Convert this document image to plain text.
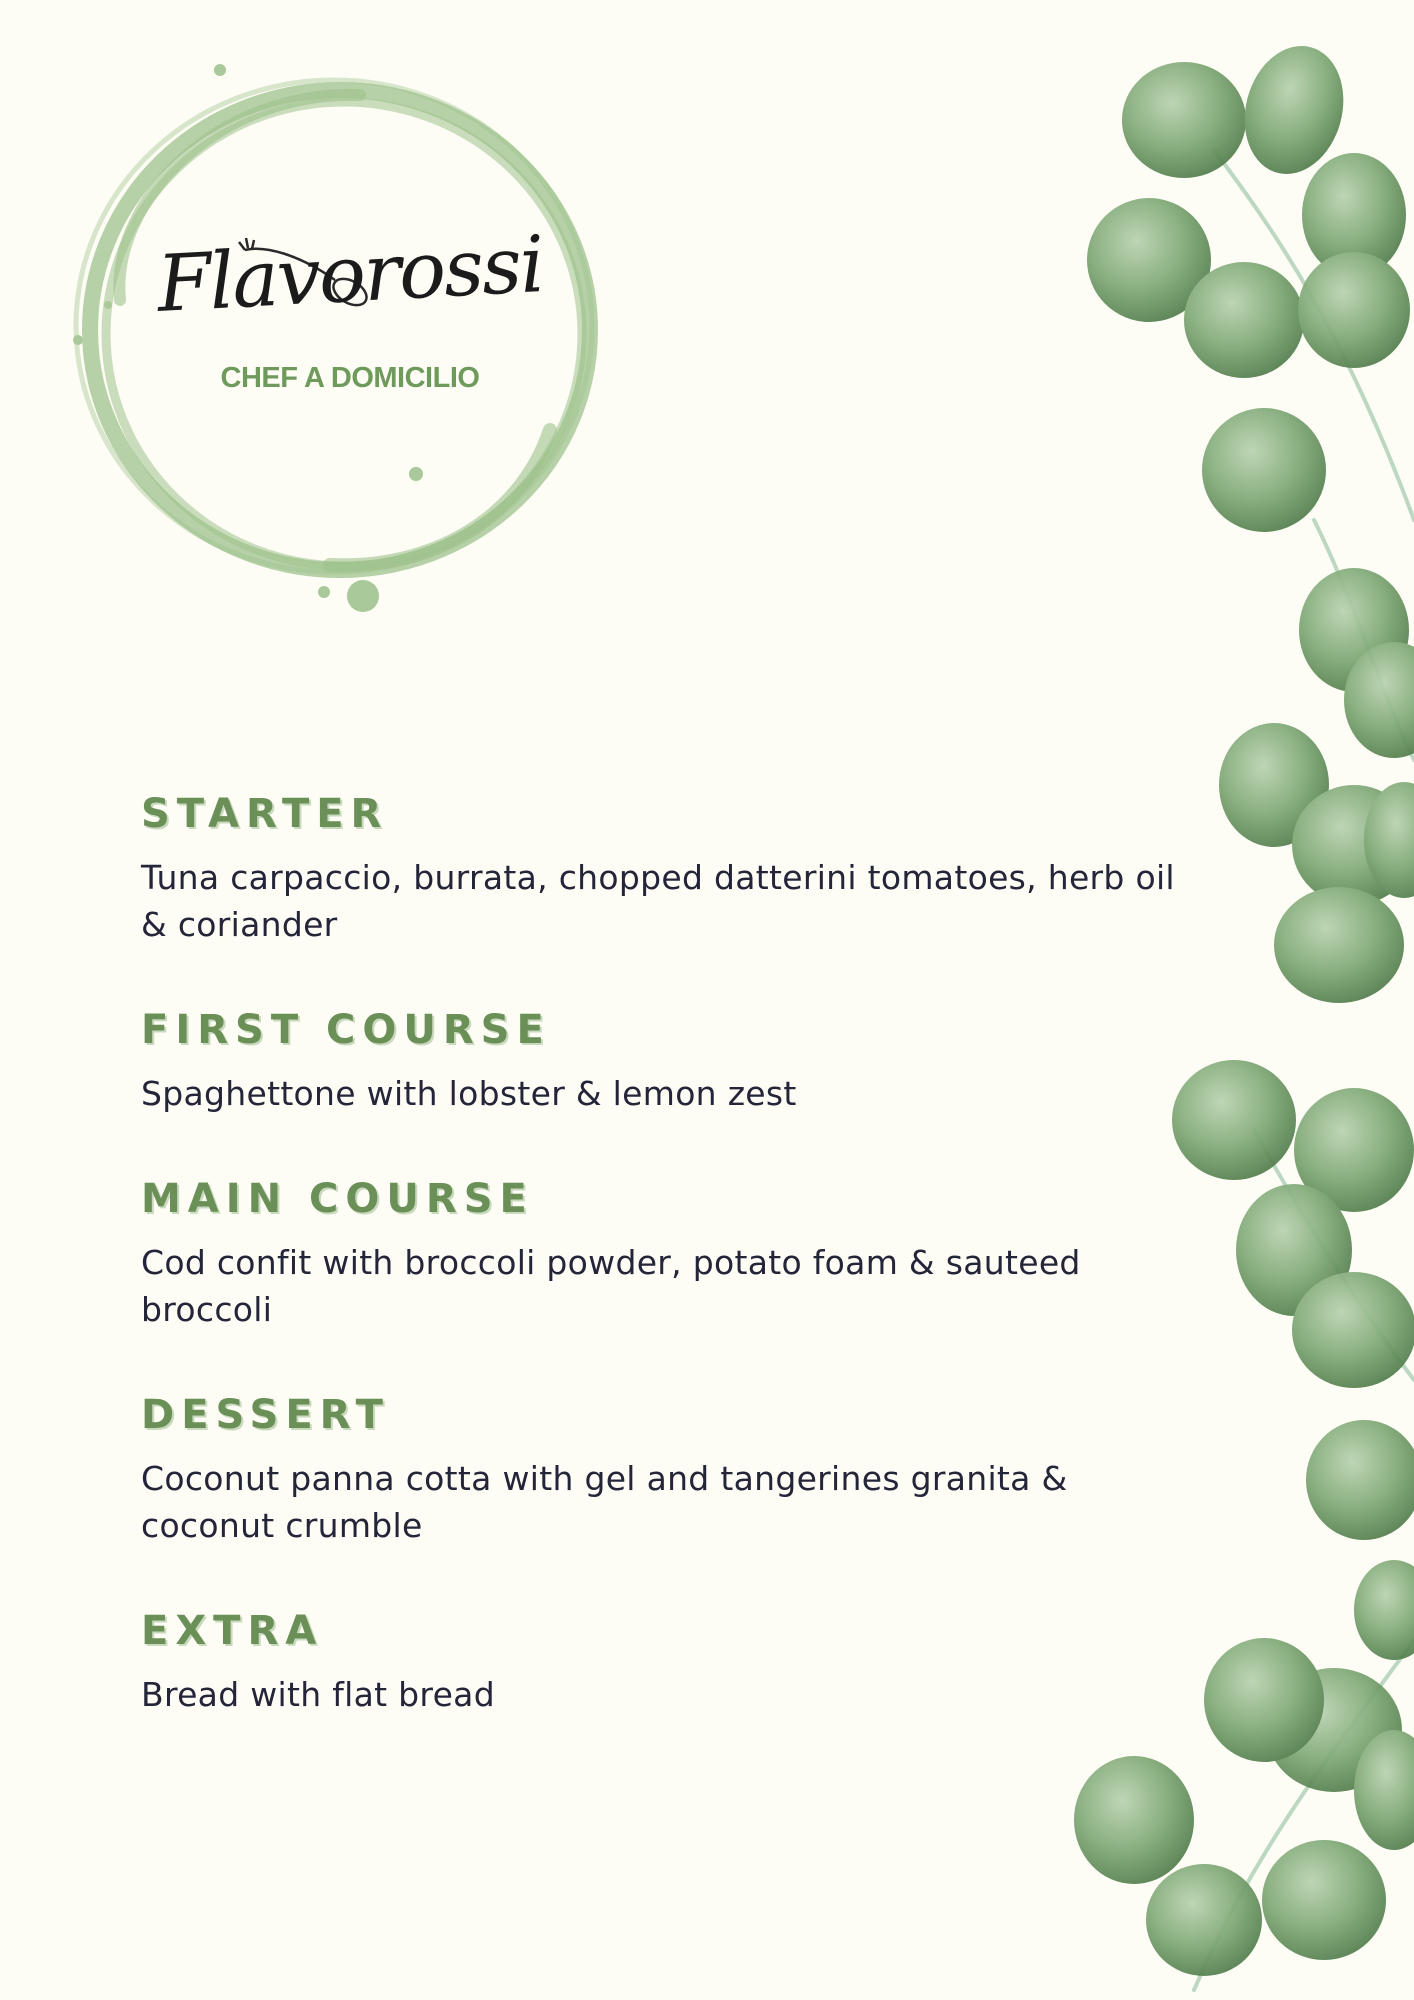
Flavorossi
CHEF A DOMICILIO
STARTER

Tuna carpaccio, burrata, chopped datterini tomatoes, herb oil & coriander

FIRST COURSE

Spaghettone with lobster & lemon zest

MAIN COURSE

Cod confit with broccoli powder, potato foam & sauteed broccoli

DESSERT

Coconut panna cotta with gel and tangerines granita & coconut crumble

EXTRA

Bread with flat bread
